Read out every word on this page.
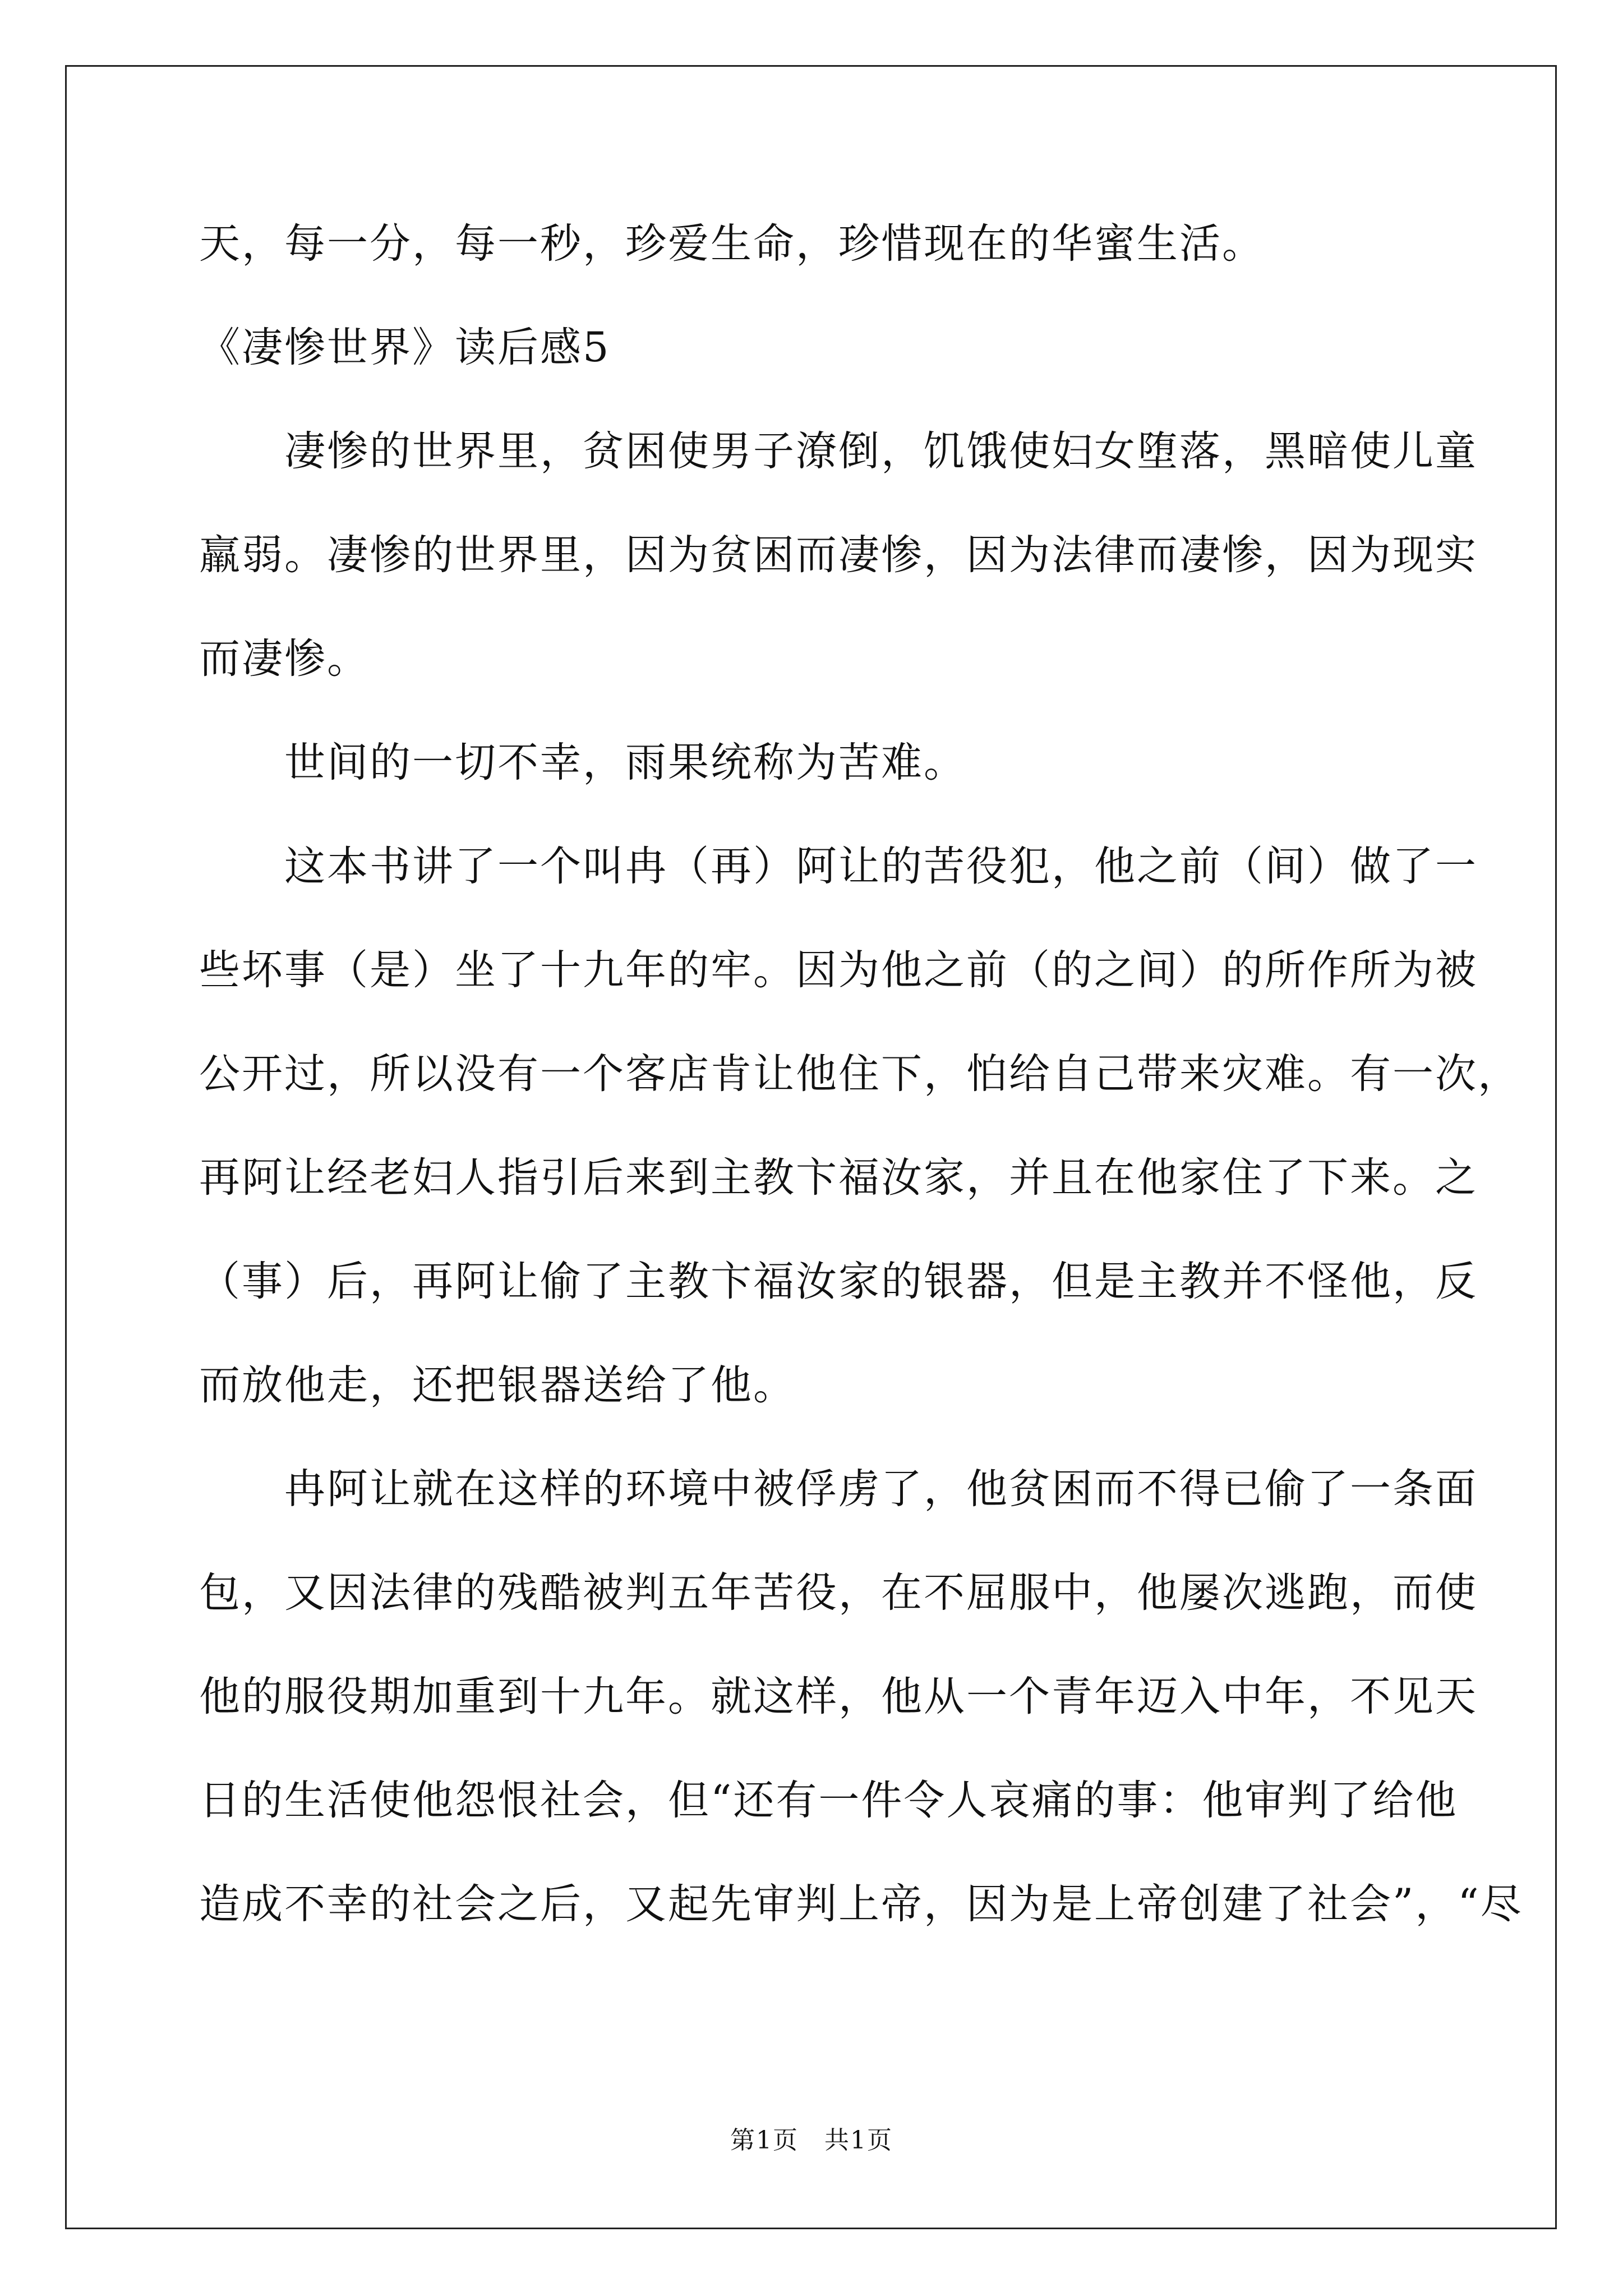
天，每一分，每一秒，珍爱生命，珍惜现在的华蜜生活。
《凄惨世界》读后感5
　　凄惨的世界里，贫困使男子潦倒，饥饿使妇女堕落，黑暗使儿童
羸弱。凄惨的世界里，因为贫困而凄惨，因为法律而凄惨，因为现实
而凄惨。
　　世间的一切不幸，雨果统称为苦难。
　　这本书讲了一个叫冉（再）阿让的苦役犯，他之前（间）做了一
些坏事（是）坐了十九年的牢。因为他之前（的之间）的所作所为被
公开过，所以没有一个客店肯让他住下，怕给自己带来灾难。有一次，
再阿让经老妇人指引后来到主教卞福汝家，并且在他家住了下来。之
（事）后，再阿让偷了主教卞福汝家的银器，但是主教并不怪他，反
而放他走，还把银器送给了他。
　　冉阿让就在这样的环境中被俘虏了，他贫困而不得已偷了一条面
包，又因法律的残酷被判五年苦役，在不屈服中，他屡次逃跑，而使
他的服役期加重到十九年。就这样，他从一个青年迈入中年，不见天
日的生活使他怨恨社会，但“还有一件令人哀痛的事：他审判了给他
造成不幸的社会之后，又起先审判上帝，因为是上帝创建了社会”，“尽
第1页　共1页
